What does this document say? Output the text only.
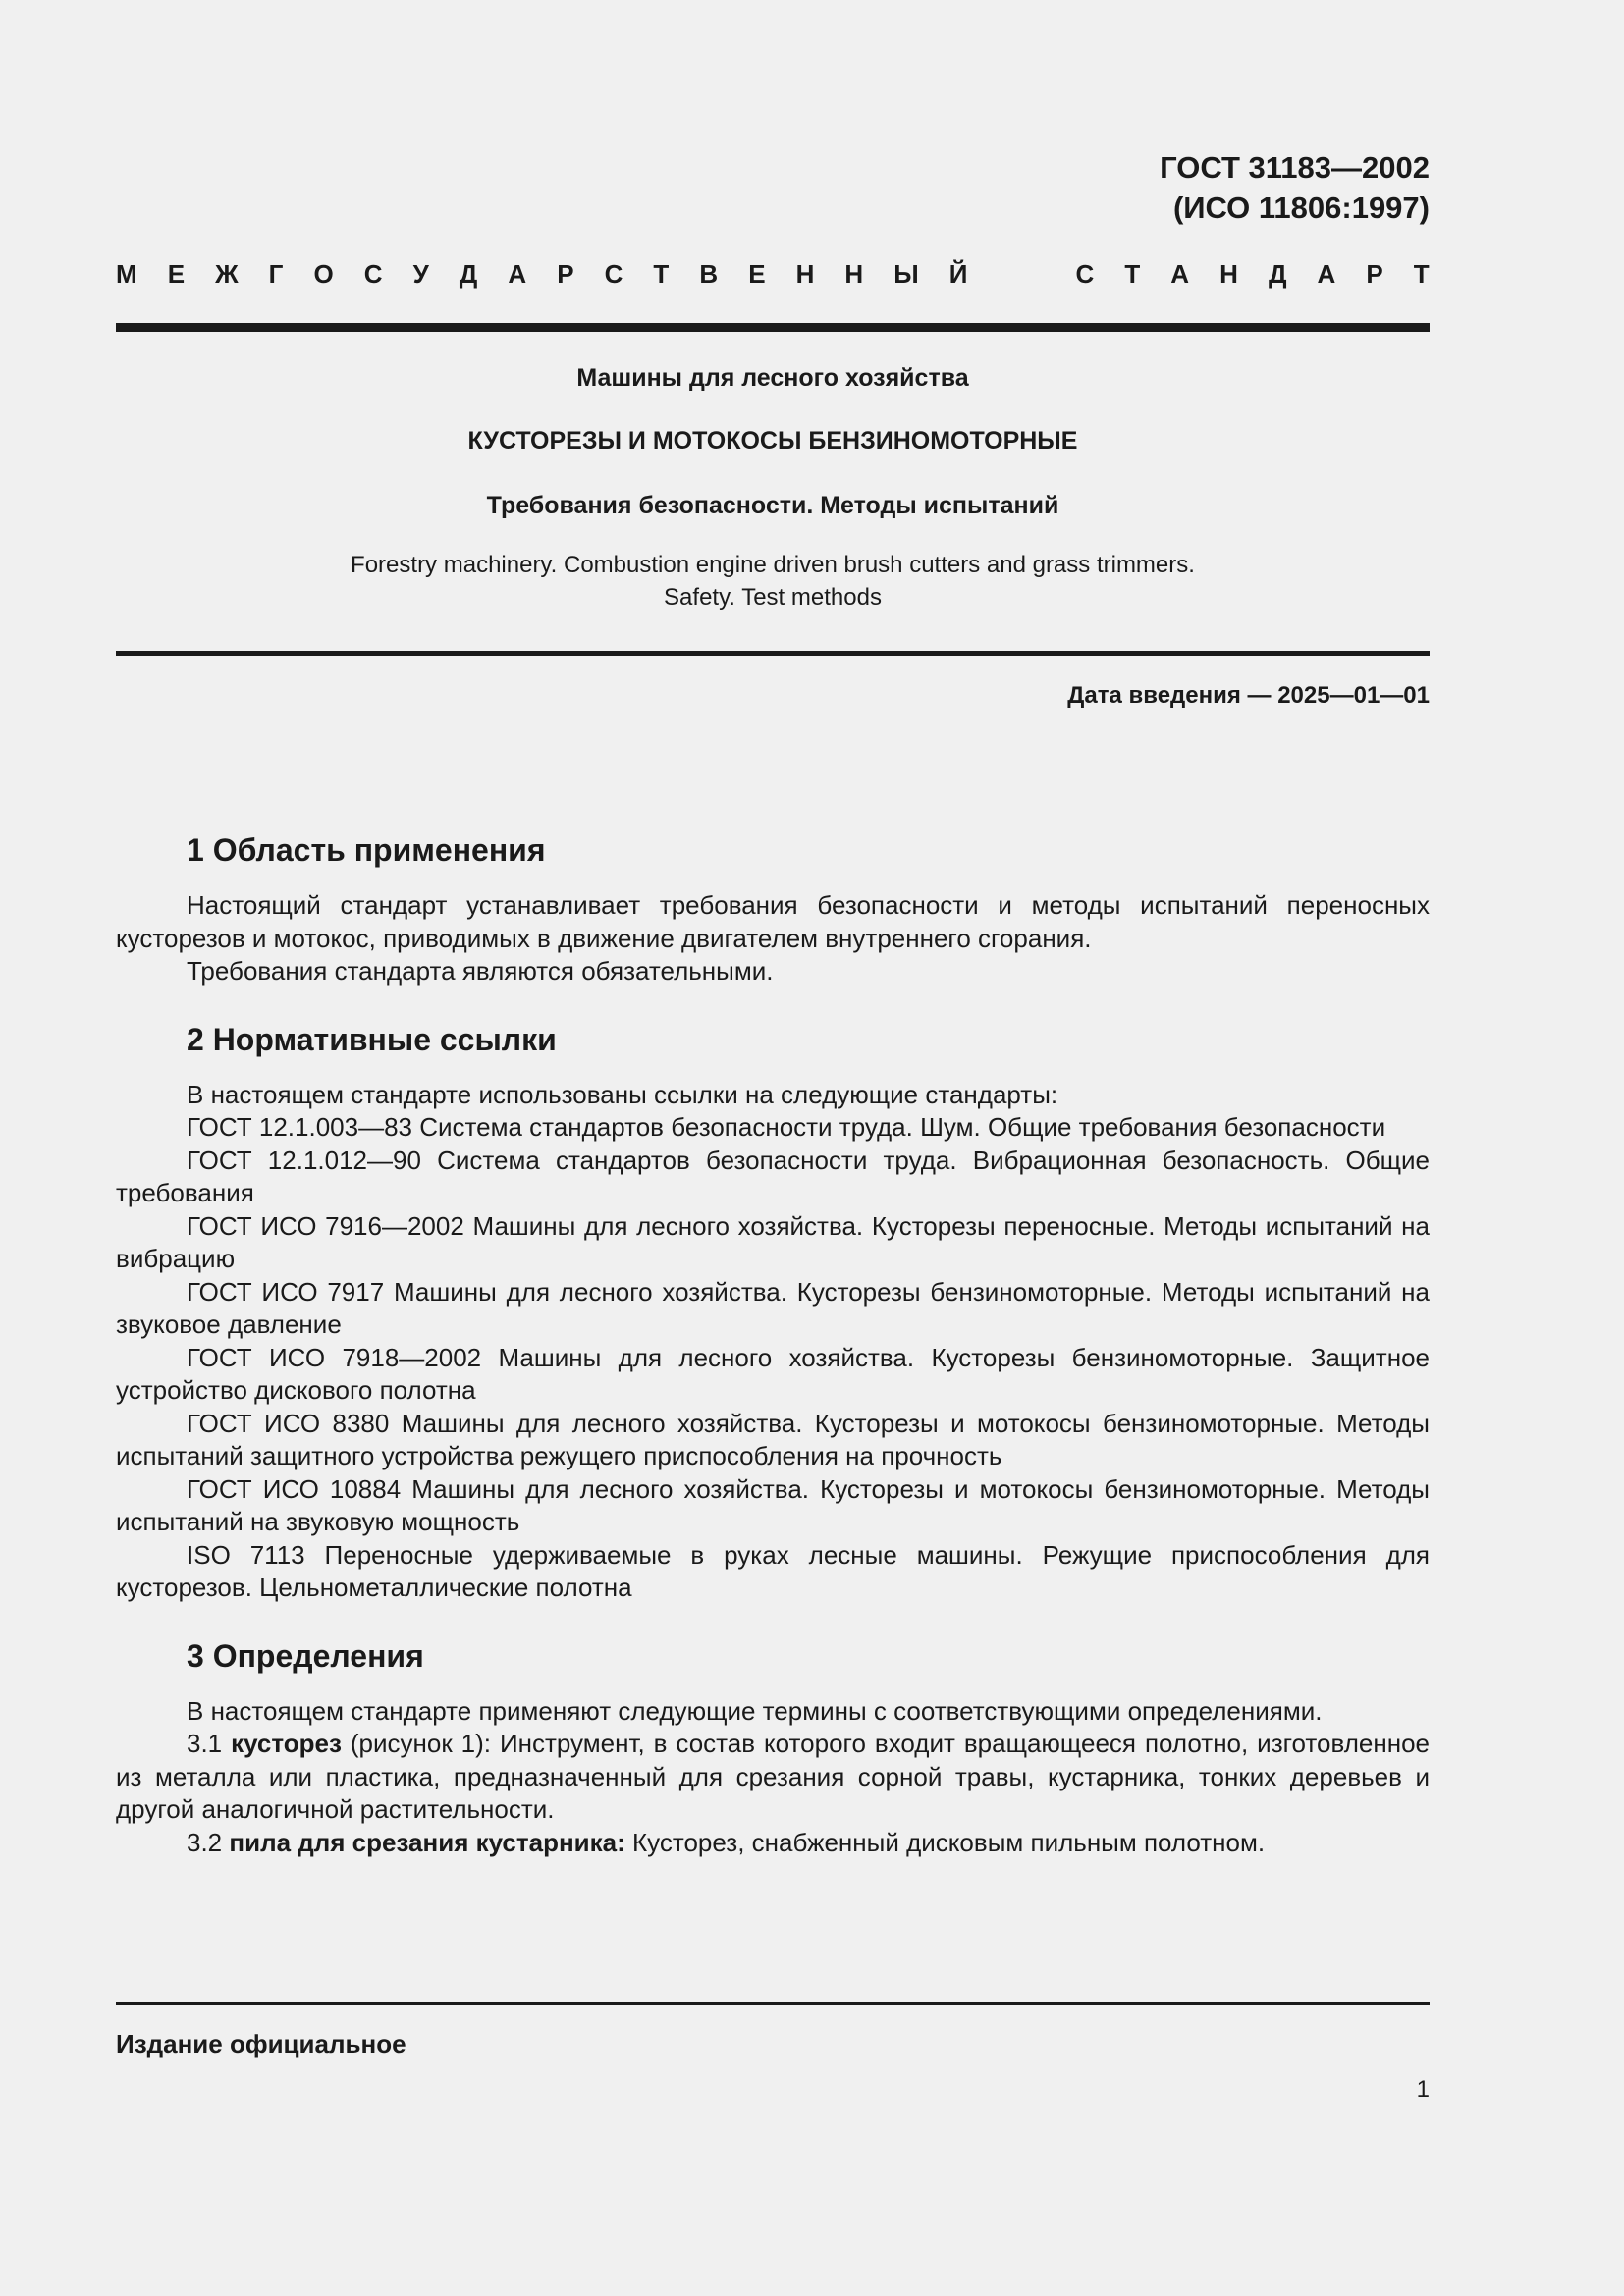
ГОСТ 31183—2002
(ИСО 11806:1997)
М Е Ж Г О С У Д А Р С Т В Е Н Н Ы Й	С Т А Н Д А Р Т
Машины для лесного хозяйства
КУСТОРЕЗЫ И МОТОКОСЫ БЕНЗИНОМОТОРНЫЕ
Требования безопасности. Методы испытаний
Forestry machinery. Combustion engine driven brush cutters and grass trimmers.
Safety. Test methods
Дата введения — 2025—01—01
1 Область применения

Настоящий стандарт устанавливает требования безопасности и методы испытаний переносных кусторезов и мотокос, приводимых в движение двигателем внутреннего сгорания.

Требования стандарта являются обязательными.

2 Нормативные ссылки

В настоящем стандарте использованы ссылки на следующие стандарты:

ГОСТ 12.1.003—83 Система стандартов безопасности труда. Шум. Общие требования безопасности

ГОСТ 12.1.012—90 Система стандартов безопасности труда. Вибрационная безопасность. Общие требования

ГОСТ ИСО 7916—2002 Машины для лесного хозяйства. Кусторезы переносные. Методы испытаний на вибрацию

ГОСТ ИСО 7917 Машины для лесного хозяйства. Кусторезы бензиномоторные. Методы испытаний на звуковое давление

ГОСТ ИСО 7918—2002 Машины для лесного хозяйства. Кусторезы бензиномоторные. Защитное устройство дискового полотна

ГОСТ ИСО 8380 Машины для лесного хозяйства. Кусторезы и мотокосы бензиномоторные. Методы испытаний защитного устройства режущего приспособления на прочность

ГОСТ ИСО 10884 Машины для лесного хозяйства. Кусторезы и мотокосы бензиномоторные. Методы испытаний на звуковую мощность

ISO 7113 Переносные удерживаемые в руках лесные машины. Режущие приспособления для кусторезов. Цельнометаллические полотна

3 Определения

В настоящем стандарте применяют следующие термины с соответствующими определениями.

3.1 кусторез (рисунок 1): Инструмент, в состав которого входит вращающееся полотно, изготовленное из металла или пластика, предназначенный для срезания сорной травы, кустарника, тонких деревьев и другой аналогичной растительности.

3.2 пила для срезания кустарника: Кусторез, снабженный дисковым пильным полотном.

Издание официальное
1
